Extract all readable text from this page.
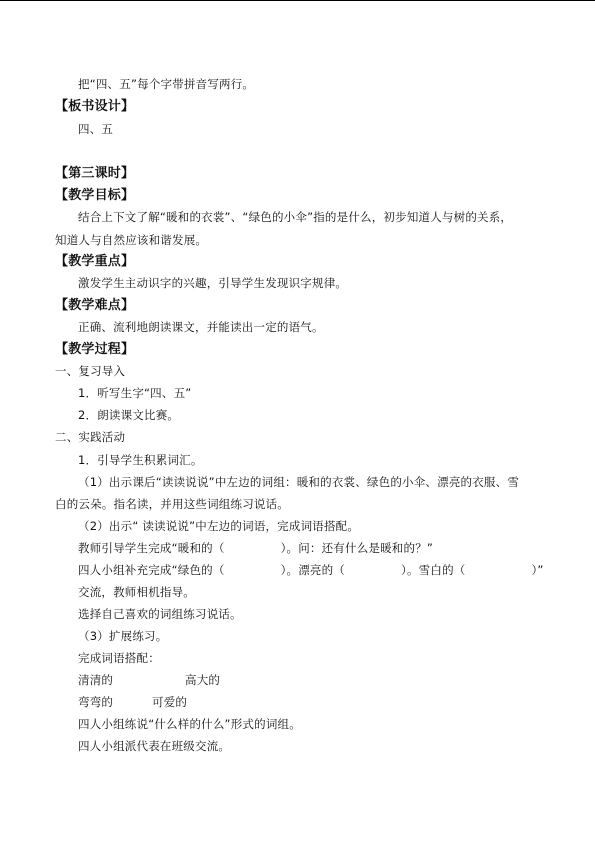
把“四、五”每个字带拼音写两行。
【板书设计】
四、五
【第三课时】
【教学目标】
结合上下文了解“暖和的衣裳”、“绿色的小伞”指的是什么，初步知道人与树的关系，
知道人与自然应该和谐发展。
【教学重点】
激发学生主动识字的兴趣，引导学生发现识字规律。
【教学难点】
正确、流利地朗读课文，并能读出一定的语气。
【教学过程】
一、复习导入
1．听写生字“四、五”
2．朗读课文比赛。
二、实践活动
1．引导学生积累词汇。
（1）出示课后“读读说说”中左边的词组：暖和的衣裳、绿色的小伞、漂亮的衣服、雪
白的云朵。指名读，并用这些词组练习说话。
（2）出示“ 读读说说”中左边的词语，完成词语搭配。
教师引导学生完成“暖和的（	）。问：还有什么是暖和的？”
四人小组补充完成“绿色的（	）。漂亮的（	）。雪白的（	）”
交流，教师相机指导。
选择自己喜欢的词组练习说话。
（3）扩展练习。
完成词语搭配：
清清的	高大的
弯弯的	可爱的
四人小组练说“什么样的什么”形式的词组。
四人小组派代表在班级交流。
